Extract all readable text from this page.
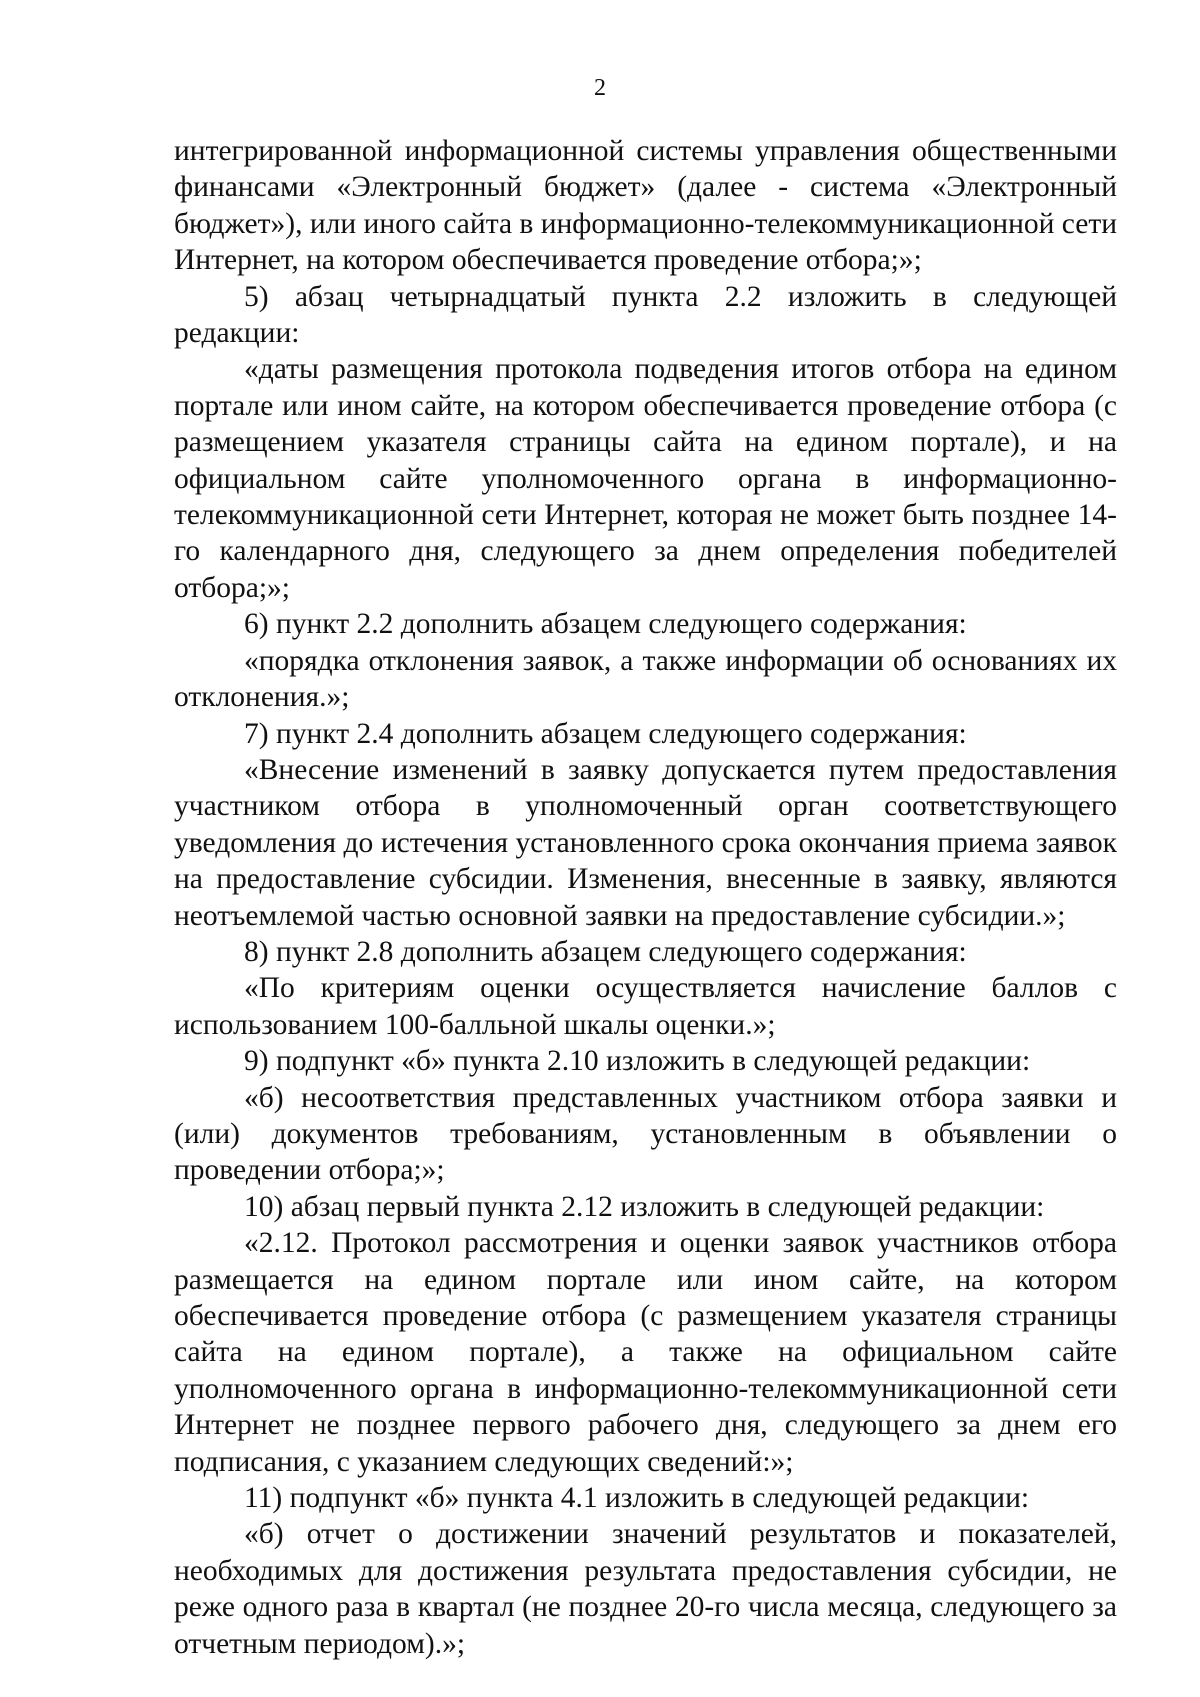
2

интегрированной информационной системы управления общественными финансами «Электронный бюджет» (далее - система «Электронный бюджет»), или иного сайта в информационно-телекоммуникационной сети Интернет, на котором обеспечивается проведение отбора;»;

5) абзац четырнадцатый пункта 2.2 изложить в следующей редакции:

«даты размещения протокола подведения итогов отбора на едином портале или ином сайте, на котором обеспечивается проведение отбора (с размещением указателя страницы сайта на едином портале), и на официальном сайте уполномоченного органа в информационно-телекоммуникационной сети Интернет, которая не может быть позднее 14-го календарного дня, следующего за днем определения победителей отбора;»;

6) пункт 2.2 дополнить абзацем следующего содержания:

«порядка отклонения заявок, а также информации об основаниях их отклонения.»;

7) пункт 2.4 дополнить абзацем следующего содержания:

«Внесение изменений в заявку допускается путем предоставления участником отбора в уполномоченный орган соответствующего уведомления до истечения установленного срока окончания приема заявок на предоставление субсидии. Изменения, внесенные в заявку, являются неотъемлемой частью основной заявки на предоставление субсидии.»;

8) пункт 2.8 дополнить абзацем следующего содержания:

«По критериям оценки осуществляется начисление баллов с использованием 100-балльной шкалы оценки.»;

9) подпункт «б» пункта 2.10 изложить в следующей редакции:

«б) несоответствия представленных участником отбора заявки и (или) документов требованиям, установленным в объявлении о проведении отбора;»;

10) абзац первый пункта 2.12 изложить в следующей редакции:

«2.12. Протокол рассмотрения и оценки заявок участников отбора размещается на едином портале или ином сайте, на котором обеспечивается проведение отбора (с размещением указателя страницы сайта на едином портале), а также на официальном сайте уполномоченного органа в информационно-телекоммуникационной сети Интернет не позднее первого рабочего дня, следующего за днем его подписания, с указанием следующих сведений:»;

11) подпункт «б» пункта 4.1 изложить в следующей редакции:

«б) отчет о достижении значений результатов и показателей, необходимых для достижения результата предоставления субсидии, не реже одного раза в квартал (не позднее 20-го числа месяца, следующего за отчетным периодом).»;
